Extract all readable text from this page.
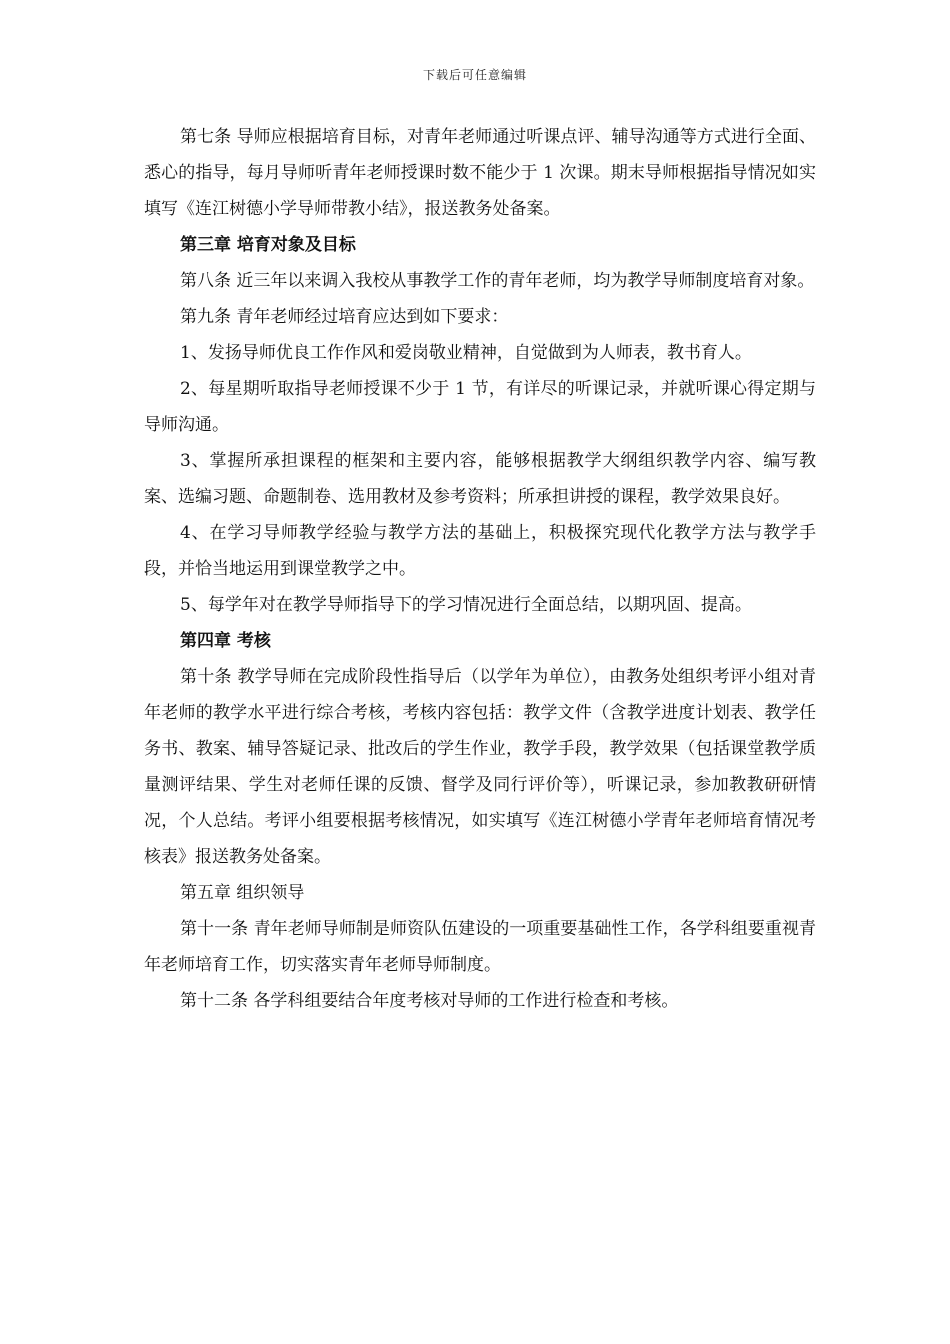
下载后可任意编辑

第七条 导师应根据培育目标，对青年老师通过听课点评、辅导沟通等方式进行全面、悉心的指导，每月导师听青年老师授课时数不能少于 1 次课。期末导师根据指导情况如实填写《连江树德小学导师带教小结》，报送教务处备案。

第三章 培育对象及目标

第八条 近三年以来调入我校从事教学工作的青年老师，均为教学导师制度培育对象。

第九条 青年老师经过培育应达到如下要求：

1、发扬导师优良工作作风和爱岗敬业精神，自觉做到为人师表，教书育人。

2、每星期听取指导老师授课不少于 1 节，有详尽的听课记录，并就听课心得定期与导师沟通。

3、掌握所承担课程的框架和主要内容，能够根据教学大纲组织教学内容、编写教案、选编习题、命题制卷、选用教材及参考资料；所承担讲授的课程，教学效果良好。

4、在学习导师教学经验与教学方法的基础上，积极探究现代化教学方法与教学手段，并恰当地运用到课堂教学之中。

5、每学年对在教学导师指导下的学习情况进行全面总结，以期巩固、提高。

第四章 考核

第十条 教学导师在完成阶段性指导后（以学年为单位），由教务处组织考评小组对青年老师的教学水平进行综合考核，考核内容包括：教学文件（含教学进度计划表、教学任务书、教案、辅导答疑记录、批改后的学生作业，教学手段，教学效果（包括课堂教学质量测评结果、学生对老师任课的反馈、督学及同行评价等），听课记录，参加教教研研情况，个人总结。考评小组要根据考核情况，如实填写《连江树德小学青年老师培育情况考核表》报送教务处备案。

第五章 组织领导

第十一条 青年老师导师制是师资队伍建设的一项重要基础性工作，各学科组要重视青年老师培育工作，切实落实青年老师导师制度。

第十二条 各学科组要结合年度考核对导师的工作进行检查和考核。
